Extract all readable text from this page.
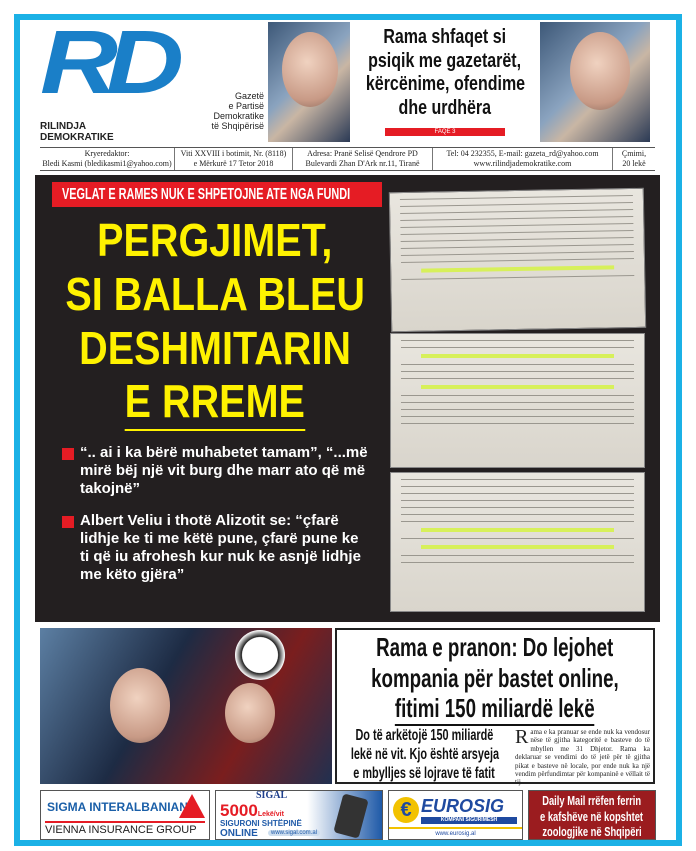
RD
RILINDJA
DEMOKRATIKE
Gazetë
e Partisë
Demokratike
të Shqipërisë
Rama shfaqet si
psiqik me gazetarët,
kërcënime, ofendime
dhe urdhëra
FAQE 3
Kryeredaktor:
Bledi Kasmi (bledikasmi1@yahoo.com)
Viti XXVIII i botimit, Nr. (8118)
e Mërkurë 17 Tetor 2018
Adresa: Pranë Selisë Qendrore PD
Bulevardi Zhan D'Ark nr.11, Tiranë
Tel: 04 232355, E-mail: gazeta_rd@yahoo.com
www.rilindjademokratike.com
Çmimi,
20 lekë
VEGLAT E RAMES NUK E SHPETOJNE ATE NGA FUNDI
PERGJIMET,
SI BALLA BLEU
DESHMITARIN
E RREME
“.. ai i ka bërë muhabetet tamam”, “...më mirë bëj një vit burg dhe marr ato që më takojnë”
Albert Veliu i thotë Alizotit se: “çfarë lidhje ke ti me këtë pune, çfarë pune ke ti që iu afrohesh kur nuk ke asnjë lidhje me këto gjëra”
Rama e pranon: Do lejohet
kompania për bastet online,
fitimi 150 miliardë lekë
Do të arkëtojë 150 miliardë
lekë në vit. Kjo është arsyeja
e mbylljes së lojrave të fatit
Rama e ka pranuar se ende nuk ka vendosur nëse të gjitha kategoritë e basteve do të mbyllen me 31 Dhjetor. Rama ka deklaruar se vendimi do të jetë për të gjitha pikat e basteve në locale, por ende nuk ka një vendim përfundimtar për kompaninë e vëllait të tij...
SIGMA INTERALBANIAN
VIENNA INSURANCE GROUP
SIGAL
5000Lekë/vit
SIGURONI SHTËPINË
ONLINE	www.sigal.com.al
€ EUROSIG
KOMPANI SIGURIMESH
www.eurosig.al
Daily Mail rrëfen ferrin
e kafshëve në kopshtet
zoologjike në Shqipëri
